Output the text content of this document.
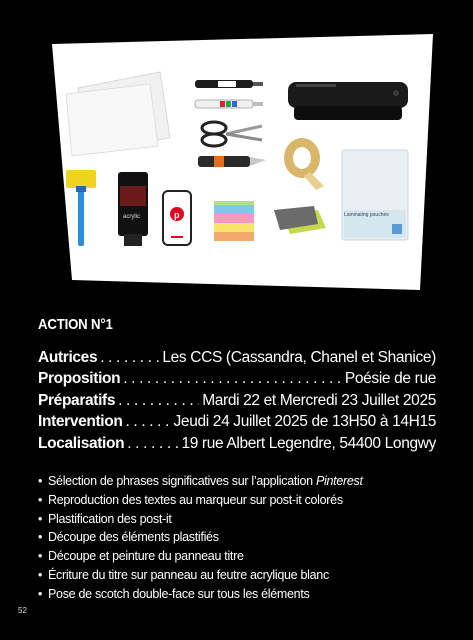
acrylic	p	Laminating pouches
ACTION N°1
Autrices . . .	Les CCS (Cassandra, Chanel et Shanice)
Proposition . . .	Poésie de rue
Préparatifs . . .	Mardi 22 et Mercredi 23 Juillet 2025
Intervention . . .	Jeudi 24 Juillet 2025 de 13H50 à 14H15
Localisation . . .	19 rue Albert Legendre, 54400 Longwy
• Sélection de phrases significatives sur l’application Pinterest
• Reproduction des textes au marqueur sur post-it colorés
• Plastification des post-it
• Découpe des éléments plastifiés
• Découpe et peinture du panneau titre
• Écriture du titre sur panneau au feutre acrylique blanc
• Pose de scotch double-face sur tous les éléments
52
